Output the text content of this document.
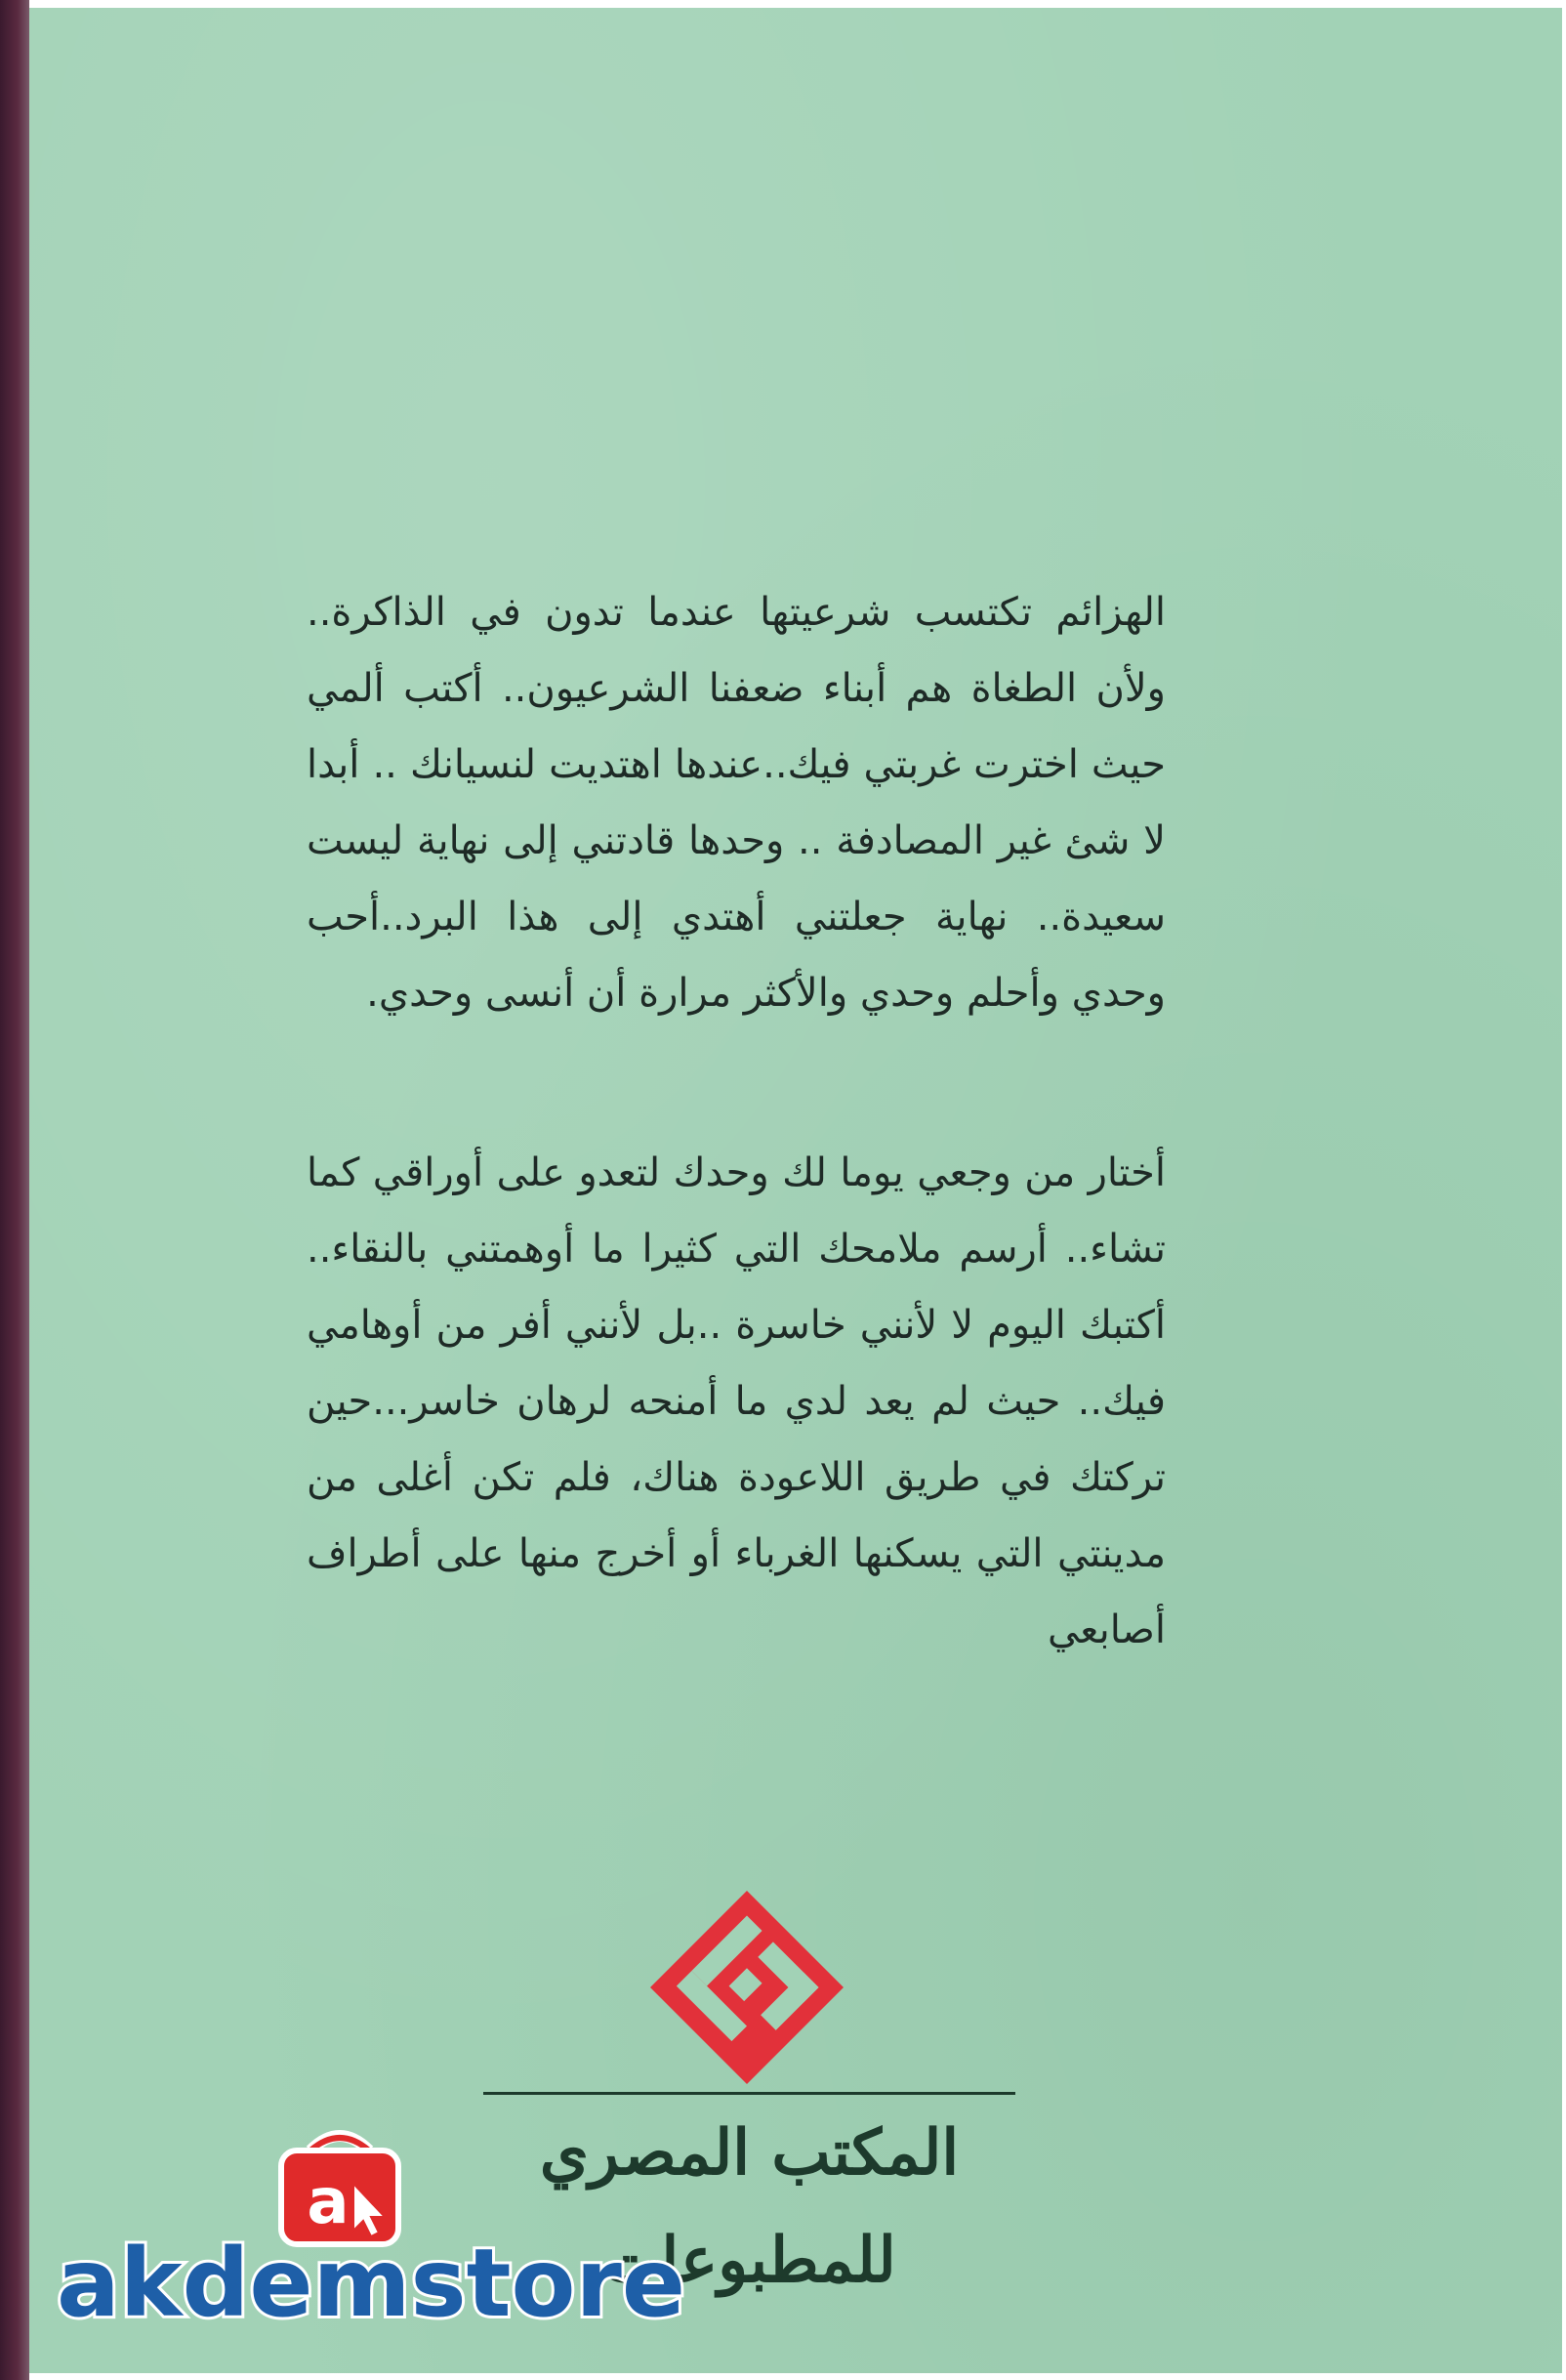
الهزائم تكتسب شرعيتها عندما تدون في الذاكرة.. ولأن الطغاة هم أبناء ضعفنا الشرعيون.. أكتب ألمي حيث اخترت غربتي فيك..عندها اهتديت لنسيانك .. أبدا لا شئ غير المصادفة .. وحدها قادتني إلى نهاية ليست سعيدة.. نهاية جعلتني أهتدي إلى هذا البرد..أحب وحدي وأحلم وحدي والأكثر مرارة أن أنسى وحدي.

أختار من وجعي يوما لك وحدك لتعدو على أوراقي كما تشاء.. أرسم ملامحك التي كثيرا ما أوهمتني بالنقاء.. أكتبك اليوم لا لأنني خاسرة ..بل لأنني أفر من أوهامي فيك.. حيث لم يعد لدي ما أمنحه لرهان خاسر...حين تركتك في طريق اللاعودة هناك، فلم تكن أغلى من مدينتي التي يسكنها الغرباء أو أخرج منها على أطراف أصابعي

المكتب المصري للمطبوعات
a
akdemstore
